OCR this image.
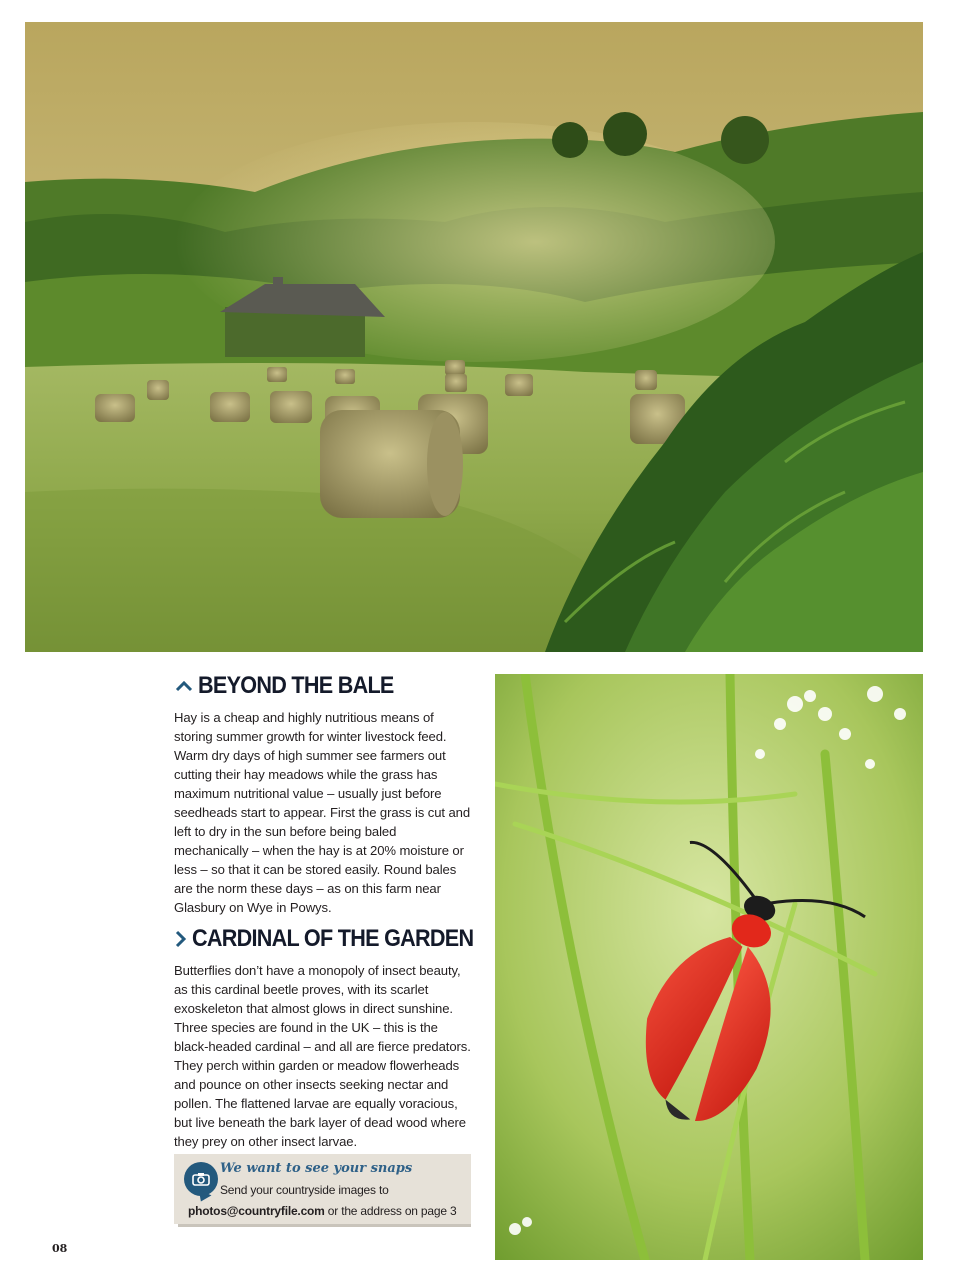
BEYOND THE BALE

Hay is a cheap and highly nutritious means of storing summer growth for winter livestock feed. Warm dry days of high summer see farmers out cutting their hay meadows while the grass has maximum nutritional value – usually just before seedheads start to appear. First the grass is cut and left to dry in the sun before being baled mechanically – when the hay is at 20% moisture or less – so that it can be stored easily. Round bales are the norm these days – as on this farm near Glasbury on Wye in Powys.

CARDINAL OF THE GARDEN

Butterflies don’t have a monopoly of insect beauty, as this cardinal beetle proves, with its scarlet exoskeleton that almost glows in direct sunshine. Three species are found in the UK – this is the black-headed cardinal – and all are fierce predators. They perch within garden or meadow flowerheads and pounce on other insects seeking nectar and pollen. The flattened larvae are equally voracious, but live beneath the bark layer of dead wood where they prey on other insect larvae.

We want to see your snaps
Send your countryside images to
photos@countryfile.com or the address on page 3
08
